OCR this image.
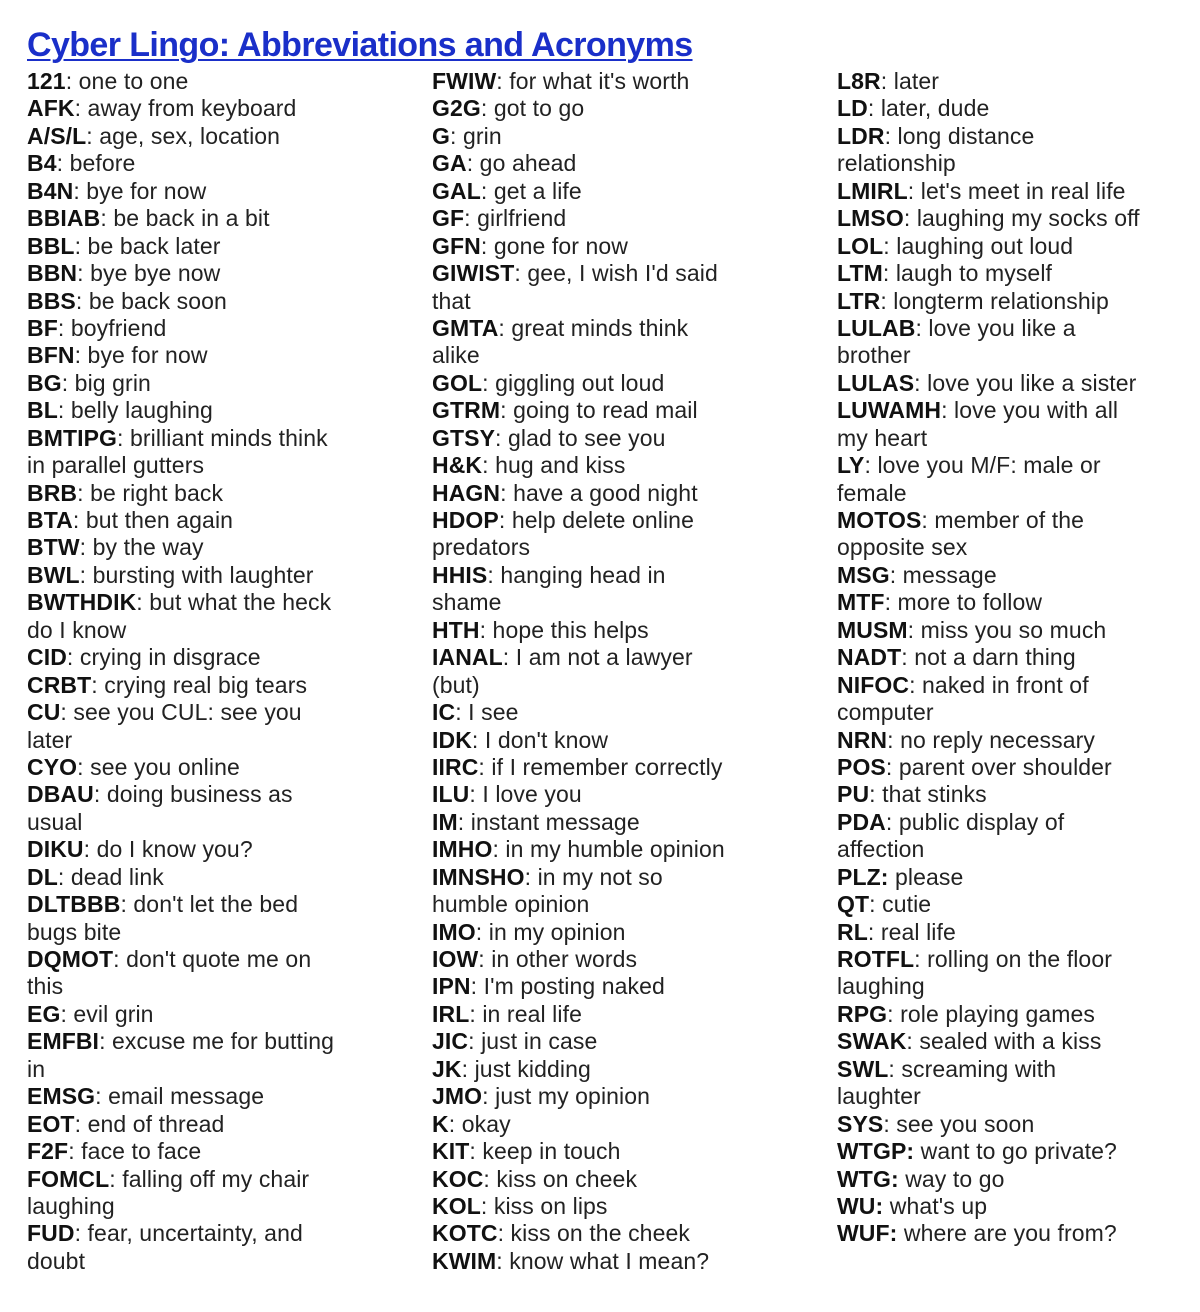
Cyber Lingo: Abbreviations and Acronyms
121: one to one
AFK: away from keyboard
A/S/L: age, sex, location
B4: before
B4N: bye for now
BBIAB: be back in a bit
BBL: be back later
BBN: bye bye now
BBS: be back soon
BF: boyfriend
BFN: bye for now
BG: big grin
BL: belly laughing
BMTIPG: brilliant minds think
in parallel gutters
BRB: be right back
BTA: but then again
BTW: by the way
BWL: bursting with laughter
BWTHDIK: but what the heck
do I know
CID: crying in disgrace
CRBT: crying real big tears
CU: see you CUL: see you
later
CYO: see you online
DBAU: doing business as
usual
DIKU: do I know you?
DL: dead link
DLTBBB: don't let the bed
bugs bite
DQMOT: don't quote me on
this
EG: evil grin
EMFBI: excuse me for butting
in
EMSG: email message
EOT: end of thread
F2F: face to face
FOMCL: falling off my chair
laughing
FUD: fear, uncertainty, and
doubt
FWIW: for what it's worth
G2G: got to go
G: grin
GA: go ahead
GAL: get a life
GF: girlfriend
GFN: gone for now
GIWIST: gee, I wish I'd said
that
GMTA: great minds think
alike
GOL: giggling out loud
GTRM: going to read mail
GTSY: glad to see you
H&K: hug and kiss
HAGN: have a good night
HDOP: help delete online
predators
HHIS: hanging head in
shame
HTH: hope this helps
IANAL: I am not a lawyer
(but)
IC: I see
IDK: I don't know
IIRC: if I remember correctly
ILU: I love you
IM: instant message
IMHO: in my humble opinion
IMNSHO: in my not so
humble opinion
IMO: in my opinion
IOW: in other words
IPN: I'm posting naked
IRL: in real life
JIC: just in case
JK: just kidding
JMO: just my opinion
K: okay
KIT: keep in touch
KOC: kiss on cheek
KOL: kiss on lips
KOTC: kiss on the cheek
KWIM: know what I mean?
L8R: later
LD: later, dude
LDR: long distance
relationship
LMIRL: let's meet in real life
LMSO: laughing my socks off
LOL: laughing out loud
LTM: laugh to myself
LTR: longterm relationship
LULAB: love you like a
brother
LULAS: love you like a sister
LUWAMH: love you with all
my heart
LY: love you M/F: male or
female
MOTOS: member of the
opposite sex
MSG: message
MTF: more to follow
MUSM: miss you so much
NADT: not a darn thing
NIFOC: naked in front of
computer
NRN: no reply necessary
POS: parent over shoulder
PU: that stinks
PDA: public display of
affection
PLZ: please
QT: cutie
RL: real life
ROTFL: rolling on the floor
laughing
RPG: role playing games
SWAK: sealed with a kiss
SWL: screaming with
laughter
SYS: see you soon
WTGP: want to go private?
WTG: way to go
WU: what's up
WUF: where are you from?
